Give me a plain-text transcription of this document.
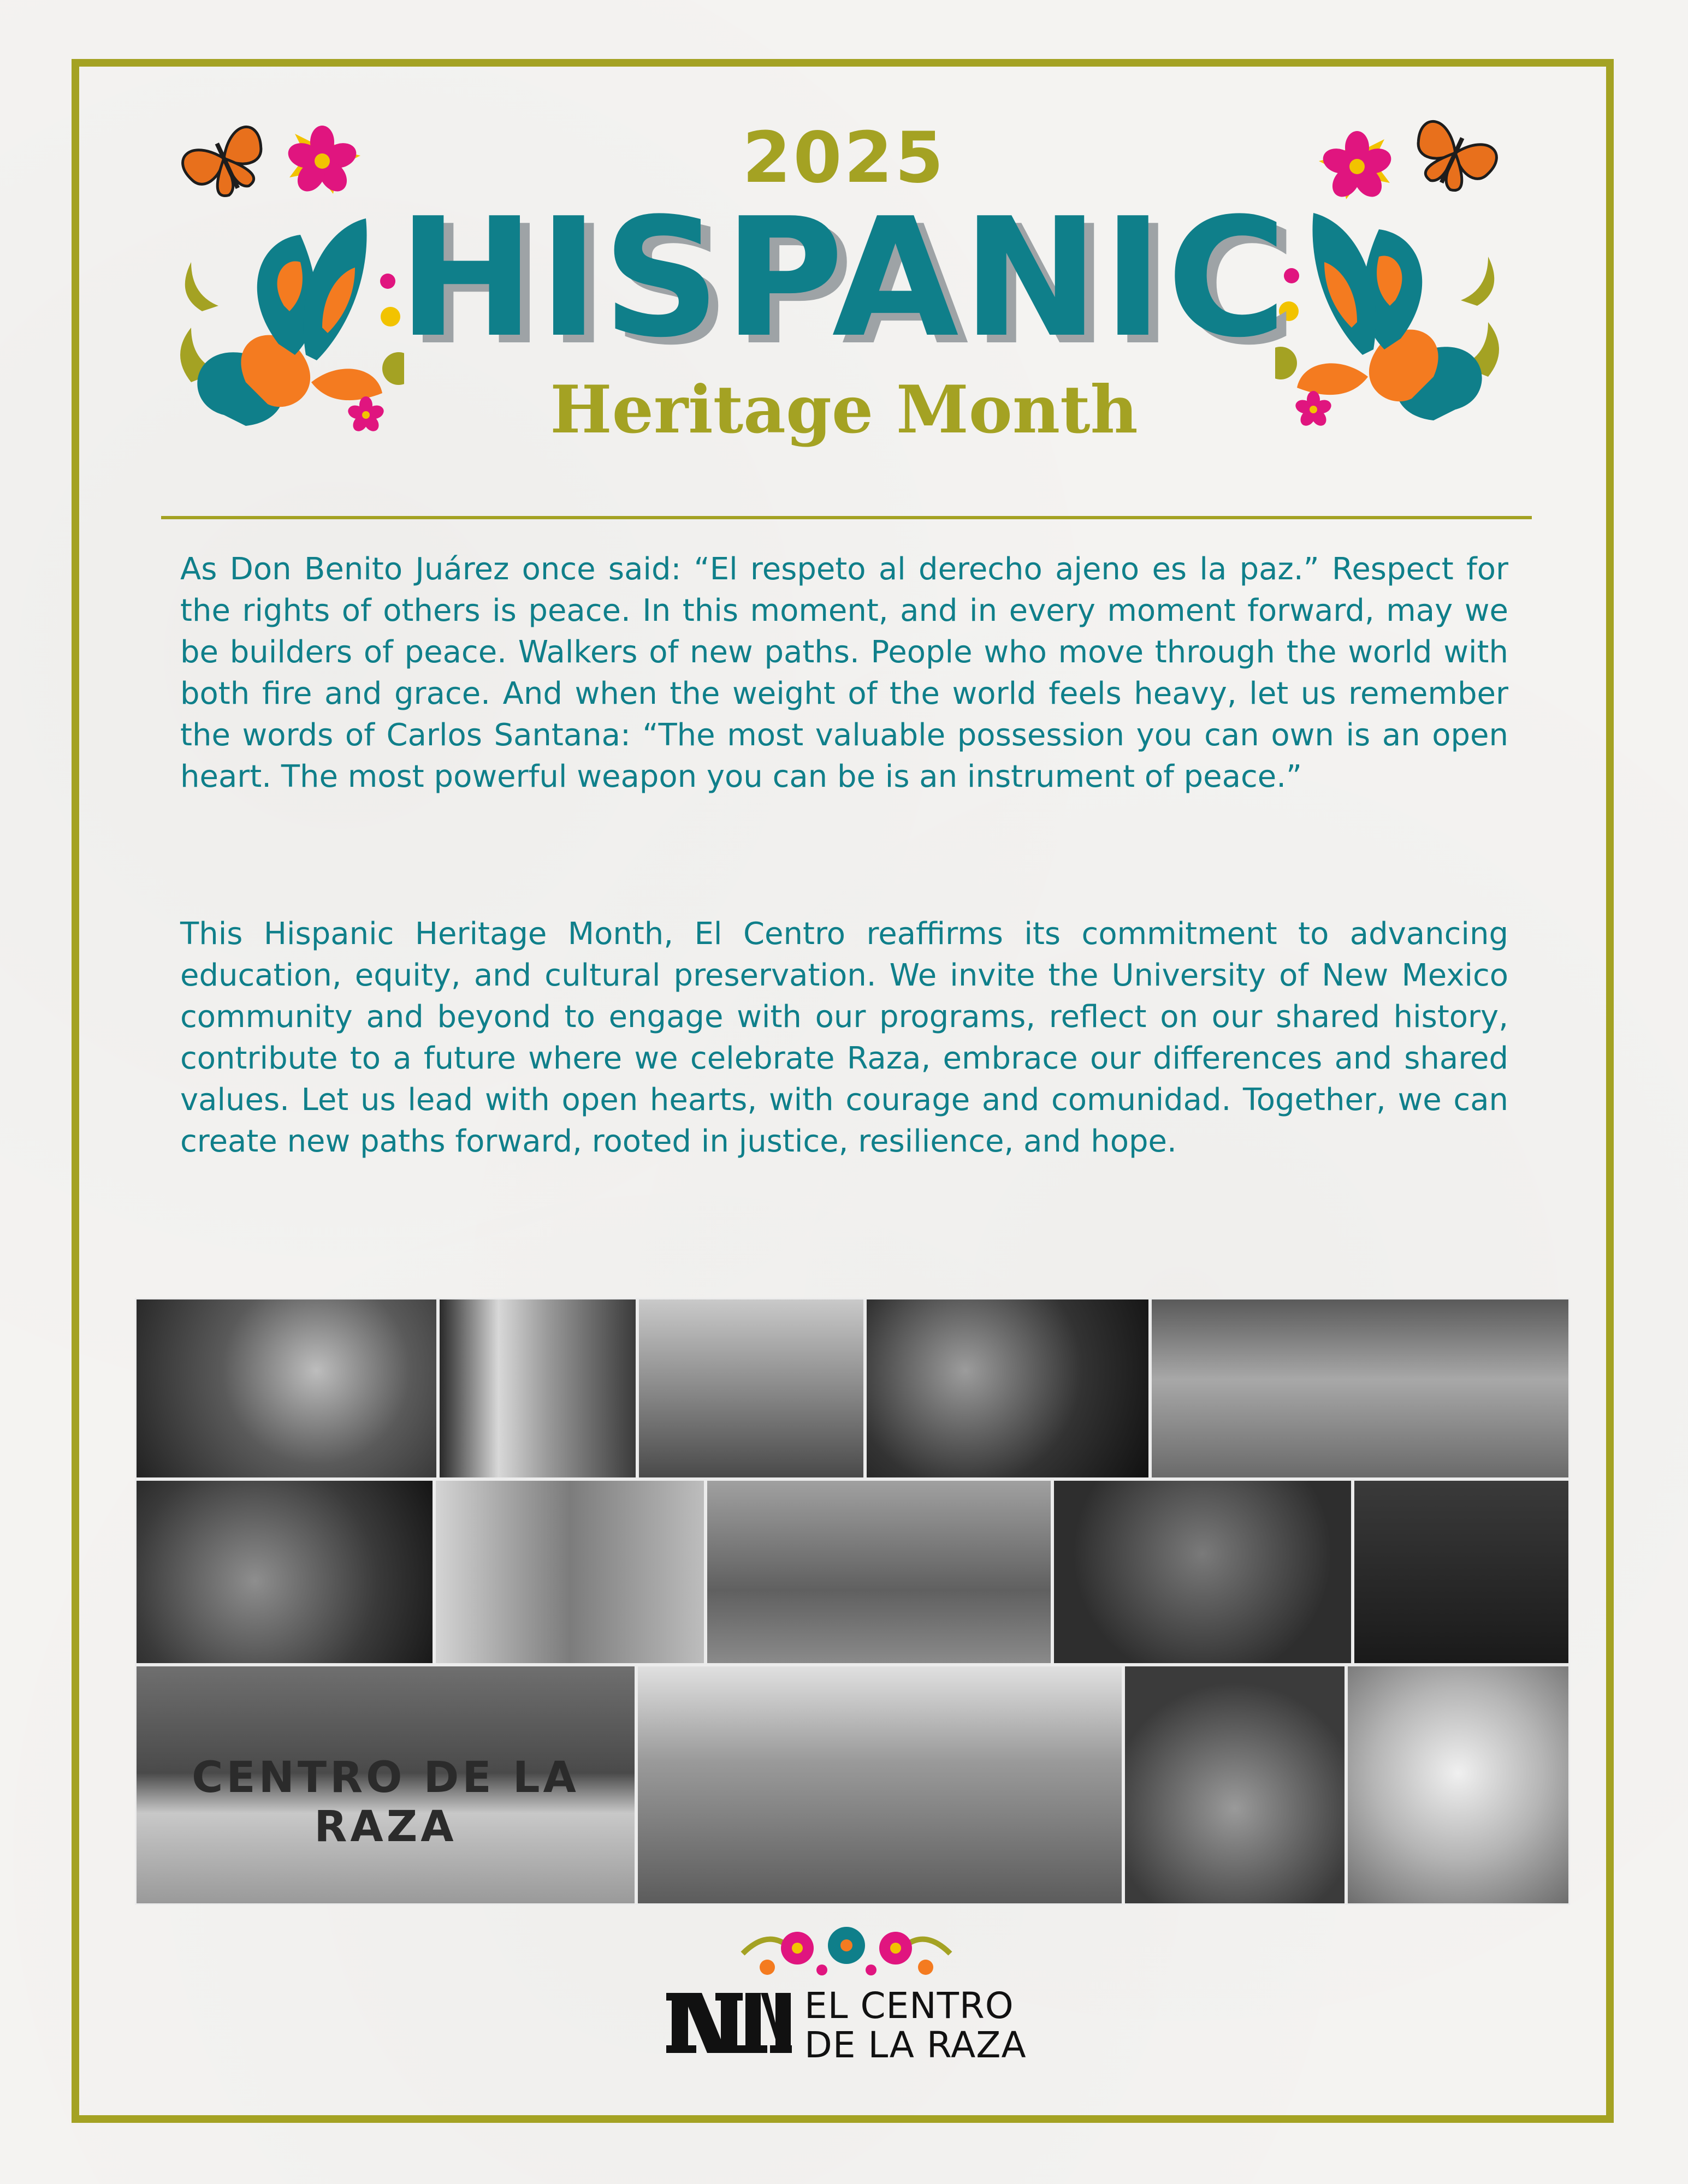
2025
HISPANIC
Heritage Month

As Don Benito Juárez once said: “El respeto al derecho ajeno es la paz.” Respect for the rights of others is peace. In this moment, and in every moment forward, may we be builders of peace. Walkers of new paths. People who move through the world with both fire and grace. And when the weight of the world feels heavy, let us remember the words of Carlos Santana: “The most valuable possession you can own is an open heart. The most powerful weapon you can be is an instrument of peace.”

This Hispanic Heritage Month, El Centro reaffirms its commitment to advancing education, equity, and cultural preservation. We invite the University of New Mexico community and beyond to engage with our programs, reflect on our shared history, contribute to a future where we celebrate Raza, embrace our differences and shared values. Let us lead with open hearts, with courage and comunidad. Together, we can create new paths forward, rooted in justice, resilience, and hope.

CENTRO DE LA RAZA
EL CENTRO
DE LA RAZA
